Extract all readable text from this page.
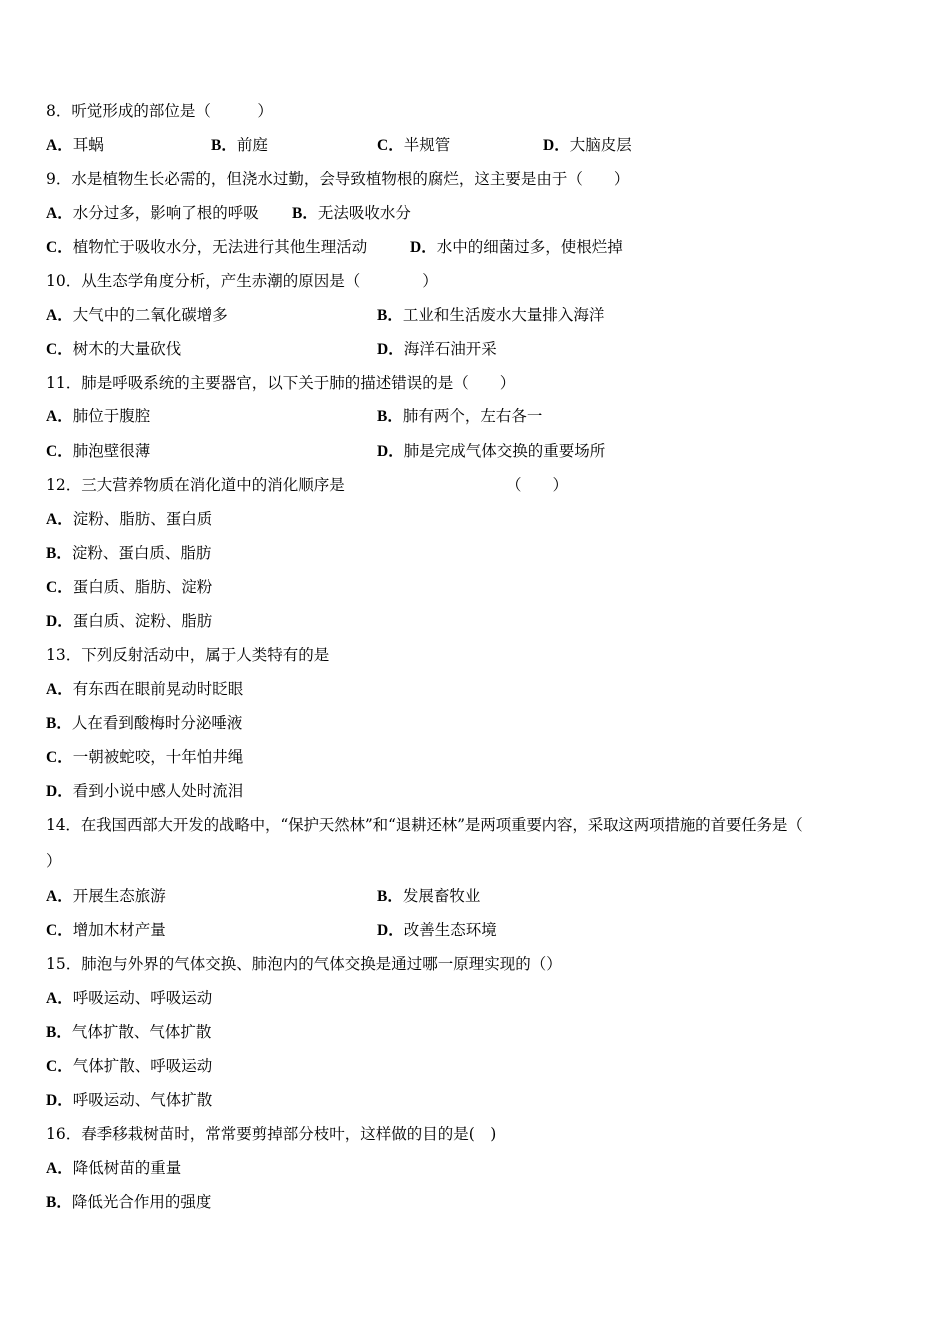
8．听觉形成的部位是（　　　）
A．耳蜗	B．前庭	C．半规管	D．大脑皮层
9．水是植物生长必需的，但浇水过勤，会导致植物根的腐烂，这主要是由于（　　）
A．水分过多，影响了根的呼吸 B．无法吸收水分
C．植物忙于吸收水分，无法进行其他生理活动	D．水中的细菌过多，使根烂掉
10．从生态学角度分析，产生赤潮的原因是（　　　　）
A．大气中的二氧化碳增多	B．工业和生活废水大量排入海洋
C．树木的大量砍伐	D．海洋石油开采
11．肺是呼吸系统的主要器官，以下关于肺的描述错误的是（　　）
A．肺位于腹腔	B．肺有两个，左右各一
C．肺泡壁很薄	D．肺是完成气体交换的重要场所
12．三大营养物质在消化道中的消化顺序是	（　　）
A．淀粉、脂肪、蛋白质
B．淀粉、蛋白质、脂肪
C．蛋白质、脂肪、淀粉
D．蛋白质、淀粉、脂肪
13．下列反射活动中，属于人类特有的是
A．有东西在眼前晃动时眨眼
B．人在看到酸梅时分泌唾液
C．一朝被蛇咬，十年怕井绳
D．看到小说中感人处时流泪
14．在我国西部大开发的战略中，“保护天然林”和“退耕还林”是两项重要内容，采取这两项措施的首要任务是（
）
A．开展生态旅游	B．发展畜牧业
C．增加木材产量	D．改善生态环境
15．肺泡与外界的气体交换、肺泡内的气体交换是通过哪一原理实现的（）
A．呼吸运动、呼吸运动
B．气体扩散、气体扩散
C．气体扩散、呼吸运动
D．呼吸运动、气体扩散
16．春季移栽树苗时，常常要剪掉部分枝叶，这样做的目的是(　)
A．降低树苗的重量
B．降低光合作用的强度
